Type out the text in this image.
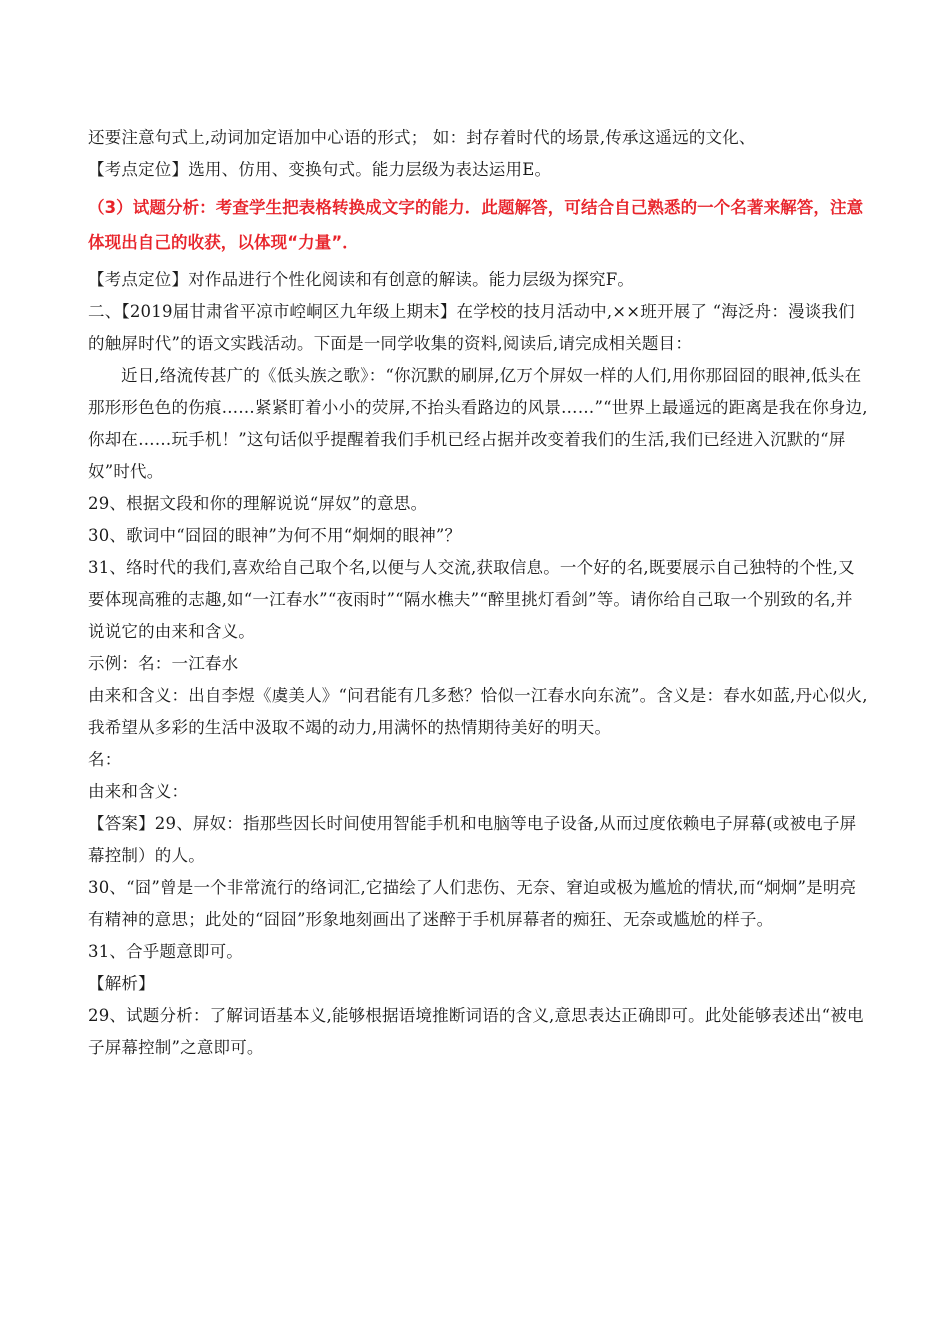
还要注意句式上,动词加定语加中心语的形式； 如：封存着时代的场景,传承这遥远的文化、

【考点定位】选用、仿用、变换句式。能力层级为表达运用E。

（3）试题分析：考查学生把表格转换成文字的能力．此题解答，可结合自己熟悉的一个名著来解答，注意体现出自己的收获，以体现“力量”．

【考点定位】对作品进行个性化阅读和有创意的解读。能力层级为探究F。

二、【2019届甘肃省平凉市崆峒区九年级上期末】在学校的技月活动中,××班开展了 “海泛舟：漫谈我们的触屏时代”的语文实践活动。下面是一同学收集的资料,阅读后,请完成相关题目：

近日,络流传甚广的《低头族之歌》：“你沉默的刷屏,亿万个屏奴一样的人们,用你那囧囧的眼神,低头在那形形色色的伤痕……紧紧盯着小小的荧屏,不抬头看路边的风景……”“世界上最遥远的距离是我在你身边,你却在……玩手机！”这句话似乎提醒着我们手机已经占据并改变着我们的生活,我们已经进入沉默的“屏奴”时代。

29、根据文段和你的理解说说“屏奴”的意思。

30、歌词中“囧囧的眼神”为何不用“炯炯的眼神”？

31、络时代的我们,喜欢给自己取个名,以便与人交流,获取信息。一个好的名,既要展示自己独特的个性,又要体现高雅的志趣,如“一江春水”“夜雨时”“隔水樵夫”“醉里挑灯看剑”等。请你给自己取一个别致的名,并说说它的由来和含义。

示例：名：一江春水

由来和含义：出自李煜《虞美人》“问君能有几多愁？恰似一江春水向东流”。含义是：春水如蓝,丹心似火,我希望从多彩的生活中汲取不竭的动力,用满怀的热情期待美好的明天。

名：

由来和含义：

【答案】29、屏奴：指那些因长时间使用智能手机和电脑等电子设备,从而过度依赖电子屏幕(或被电子屏幕控制）的人。

30、“囧”曾是一个非常流行的络词汇,它描绘了人们悲伤、无奈、窘迫或极为尴尬的情状,而“炯炯”是明亮有精神的意思；此处的“囧囧”形象地刻画出了迷醉于手机屏幕者的痴狂、无奈或尴尬的样子。

31、合乎题意即可。

【解析】

29、试题分析：了解词语基本义,能够根据语境推断词语的含义,意思表达正确即可。此处能够表述出“被电子屏幕控制”之意即可。
